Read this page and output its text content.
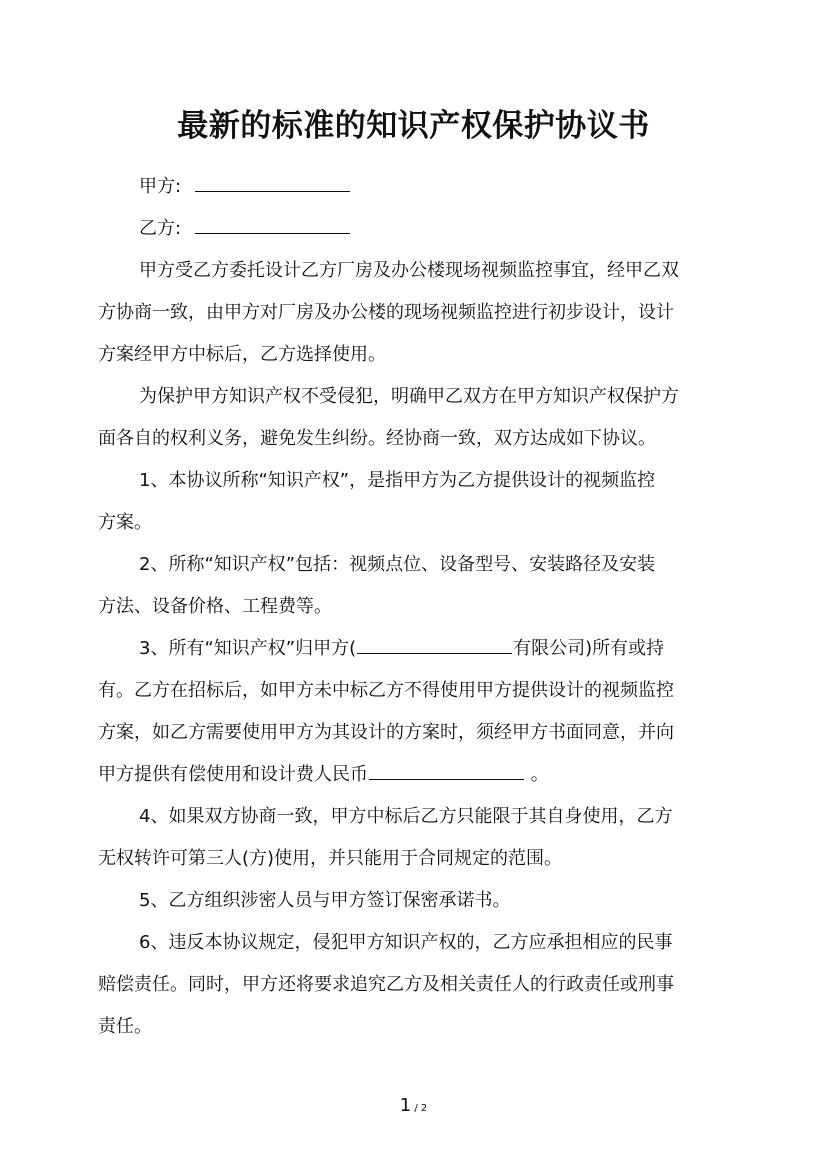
最新的标准的知识产权保护协议书
甲方:
乙方:
甲方受乙方委托设计乙方厂房及办公楼现场视频监控事宜，经甲乙双
方协商一致，由甲方对厂房及办公楼的现场视频监控进行初步设计，设计
方案经甲方中标后，乙方选择使用。
为保护甲方知识产权不受侵犯，明确甲乙双方在甲方知识产权保护方
面各自的权利义务，避免发生纠纷。经协商一致，双方达成如下协议。
1、本协议所称“知识产权”，是指甲方为乙方提供设计的视频监控
方案。
2、所称“知识产权”包括：视频点位、设备型号、安装路径及安装
方法、设备价格、工程费等。
3、所有“知识产权”归甲方(	有限公司)所有或持
有。乙方在招标后，如甲方未中标乙方不得使用甲方提供设计的视频监控
方案，如乙方需要使用甲方为其设计的方案时，须经甲方书面同意，并向
甲方提供有偿使用和设计费人民币	。
4、如果双方协商一致，甲方中标后乙方只能限于其自身使用，乙方
无权转许可第三人(方)使用，并只能用于合同规定的范围。
5、乙方组织涉密人员与甲方签订保密承诺书。
6、违反本协议规定，侵犯甲方知识产权的，乙方应承担相应的民事
赔偿责任。同时，甲方还将要求追究乙方及相关责任人的行政责任或刑事
责任。
1 / 2
